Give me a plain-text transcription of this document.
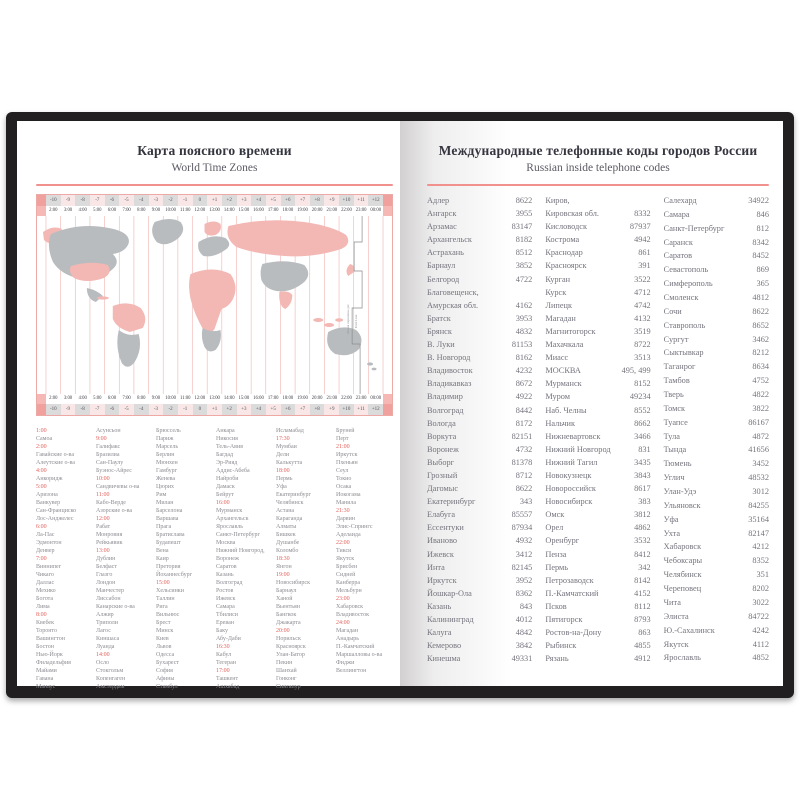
Карта поясного времени
World Time Zones
-10	-9	-8	-7	-6	-5	-4	-3	-2	-1	0	+1	+2	+3	+4	+5	+6	+7	+8	+9	+10	+11	+12
2:00	3:00	4:00	5:00	6:00	7:00	8:00	9:00	10:00 11:00 12:00 13:00 14:00 15:00 16:00 17:00 18:00 19:00 20:00 21:00 22:00 23:00 00:00
Линия перемены дат Date Line
2:00	3:00	4:00	5:00	6:00	7:00	8:00	9:00	10:00 11:00 12:00 13:00 14:00 15:00 16:00 17:00 18:00 19:00 20:00 21:00 22:00 23:00 00:00
-10	-9	-8	-7	-6	-5	-4	-3	-2	-1	0	+1	+2	+3	+4	+5	+6	+7	+8	+9	+10	+11	+12
1:00
Самоа
2:00
Гавайские о-ва
Алеутские о-ва
4:00
Анкоридж
5:00
Аризона
Ванкувер
Сан-Франциско
Лос-Анджелес
6:00
Ла-Пас
Эдмонтон
Денвер
7:00
Виннипег
Чикаго
Даллас
Мехико
Богота
Лима
8:00
Квебек
Торонто
Вашингтон
Бостон
Нью-Йорк
Филадельфия
Майами
Гавана
Манаус
Асунсьон
9:00
Галифакс
Бразилиа
Сан-Паулу
Буэнос-Айрес
10:00
Сандвичевы о-ва
11:00
Кабо-Верде
Азорские о-ва
12:00
Рабат
Монровия
Рейкьявик
13:00
Дублин
Белфаст
Глазго
Лондон
Манчестер
Лиссабон
Канарские о-ва
Алжир
Триполи
Лагос
Киншаса
Луанда
14:00
Осло
Стокгольм
Копенгаген
Амстердам
Брюссель
Париж
Марсель
Берлин
Мюнхен
Гамбург
Женева
Цюрих
Рим
Милан
Барселона
Варшава
Прага
Братислава
Будапешт
Вена
Каир
Претория
Йоханнесбург
15:00
Хельсинки
Таллин
Рига
Вильнюс
Брест
Минск
Киев
Львов
Одесса
Бухарест
София
Афины
Стамбул
Анкара
Никосия
Тель-Авив
Багдад
Эр-Рияд
Аддис-Абеба
Найроби
Дамаск
Бейрут
16:00
Мурманск
Архангельск
Ярославль
Санкт-Петербург
Москва
Нижний Новгород,
Воронеж
Саратов
Казань
Волгоград
Ростов
Ижевск
Самара
Тбилиси
Ереван
Баку
Абу-Даби
16:30
Кабул
Тегеран
17:00
Ташкент
Ашхабад
Исламабад
17:30
Мумбаи
Дели
Калькутта
18:00
Пермь
Уфа
Екатеринбург
Челябинск
Астана
Караганда
Алматы
Бишкек
Душанбе
Коломбо
18:30
Янгон
19:00
Новосибирск
Барнаул
Ханой
Вьентьян
Бангкок
Джакарта
20:00
Норильск
Красноярск
Улан-Батор
Пекин
Шанхай
Гонконг
Сингапур
Бруней
Перт
21:00
Иркутск
Пхеньян
Сеул
Токио
Осака
Иокогама
Манила
21:30
Дарвин
Элис-Спрингс
Аделаида
22:00
Тикси
Якутск
Брисбен
Сидней
Канберра
Мельбурн
23:00
Хабаровск
Владивосток
24:00
Магадан
Анадырь
П.-Камчатский
Маршалловы о-ва
Фиджи
Веллингтон
Международные телефонные коды городов России
Russian inside telephone codes
Адлер	8622
Ангарск	3955
Арзамас	83147
Архангельск	8182
Астрахань	8512
Барнаул	3852
Белгород	4722
Благовещенск,
Амурская обл.	4162
Братск	3953
Брянск	4832
В. Луки	81153
В. Новгород	8162
Владивосток	4232
Владикавказ	8672
Владимир	4922
Волгоград	8442
Вологда	8172
Воркута	82151
Воронеж	4732
Выборг	81378
Грозный	8712
Дагомыс	8622
Екатеринбург	343
Елабуга	85557
Ессентуки	87934
Иваново	4932
Ижевск	3412
Инта	82145
Иркутск	3952
Йошкар-Ола	8362
Казань	843
Калининград	4012
Калуга	4842
Кемерово	3842
Кинешма	49331
Киров,
Кировская обл.	8332
Кисловодск	87937
Кострома	4942
Краснодар	861
Красноярск	391
Курган	3522
Курск	4712
Липецк	4742
Магадан	4132
Магнитогорск	3519
Махачкала	8722
Миасс	3513
МОСКВА	495, 499
Мурманск	8152
Муром	49234
Наб. Челны	8552
Нальчик	8662
Нижневартовск	3466
Нижний Новгород	831
Нижний Тагил	3435
Новокузнецк	3843
Новороссийск	8617
Новосибирск	383
Омск	3812
Орел	4862
Оренбург	3532
Пенза	8412
Пермь	342
Петрозаводск	8142
П.-Камчатский	4152
Псков	8112
Пятигорск	8793
Ростов-на-Дону	863
Рыбинск	4855
Рязань	4912
Салехард	34922
Самара	846
Санкт-Петербург	812
Саранск	8342
Саратов	8452
Севастополь	869
Симферополь	365
Смоленск	4812
Сочи	8622
Ставрополь	8652
Сургут	3462
Сыктывкар	8212
Таганрог	8634
Тамбов	4752
Тверь	4822
Томск	3822
Туапсе	86167
Тула	4872
Тында	41656
Тюмень	3452
Углич	48532
Улан-Удэ	3012
Ульяновск	84255
Уфа	35164
Ухта	82147
Хабаровск	4212
Чебоксары	8352
Челябинск	351
Череповец	8202
Чита	3022
Элиста	84722
Ю.-Сахалинск	4242
Якутск	4112
Ярославль	4852
